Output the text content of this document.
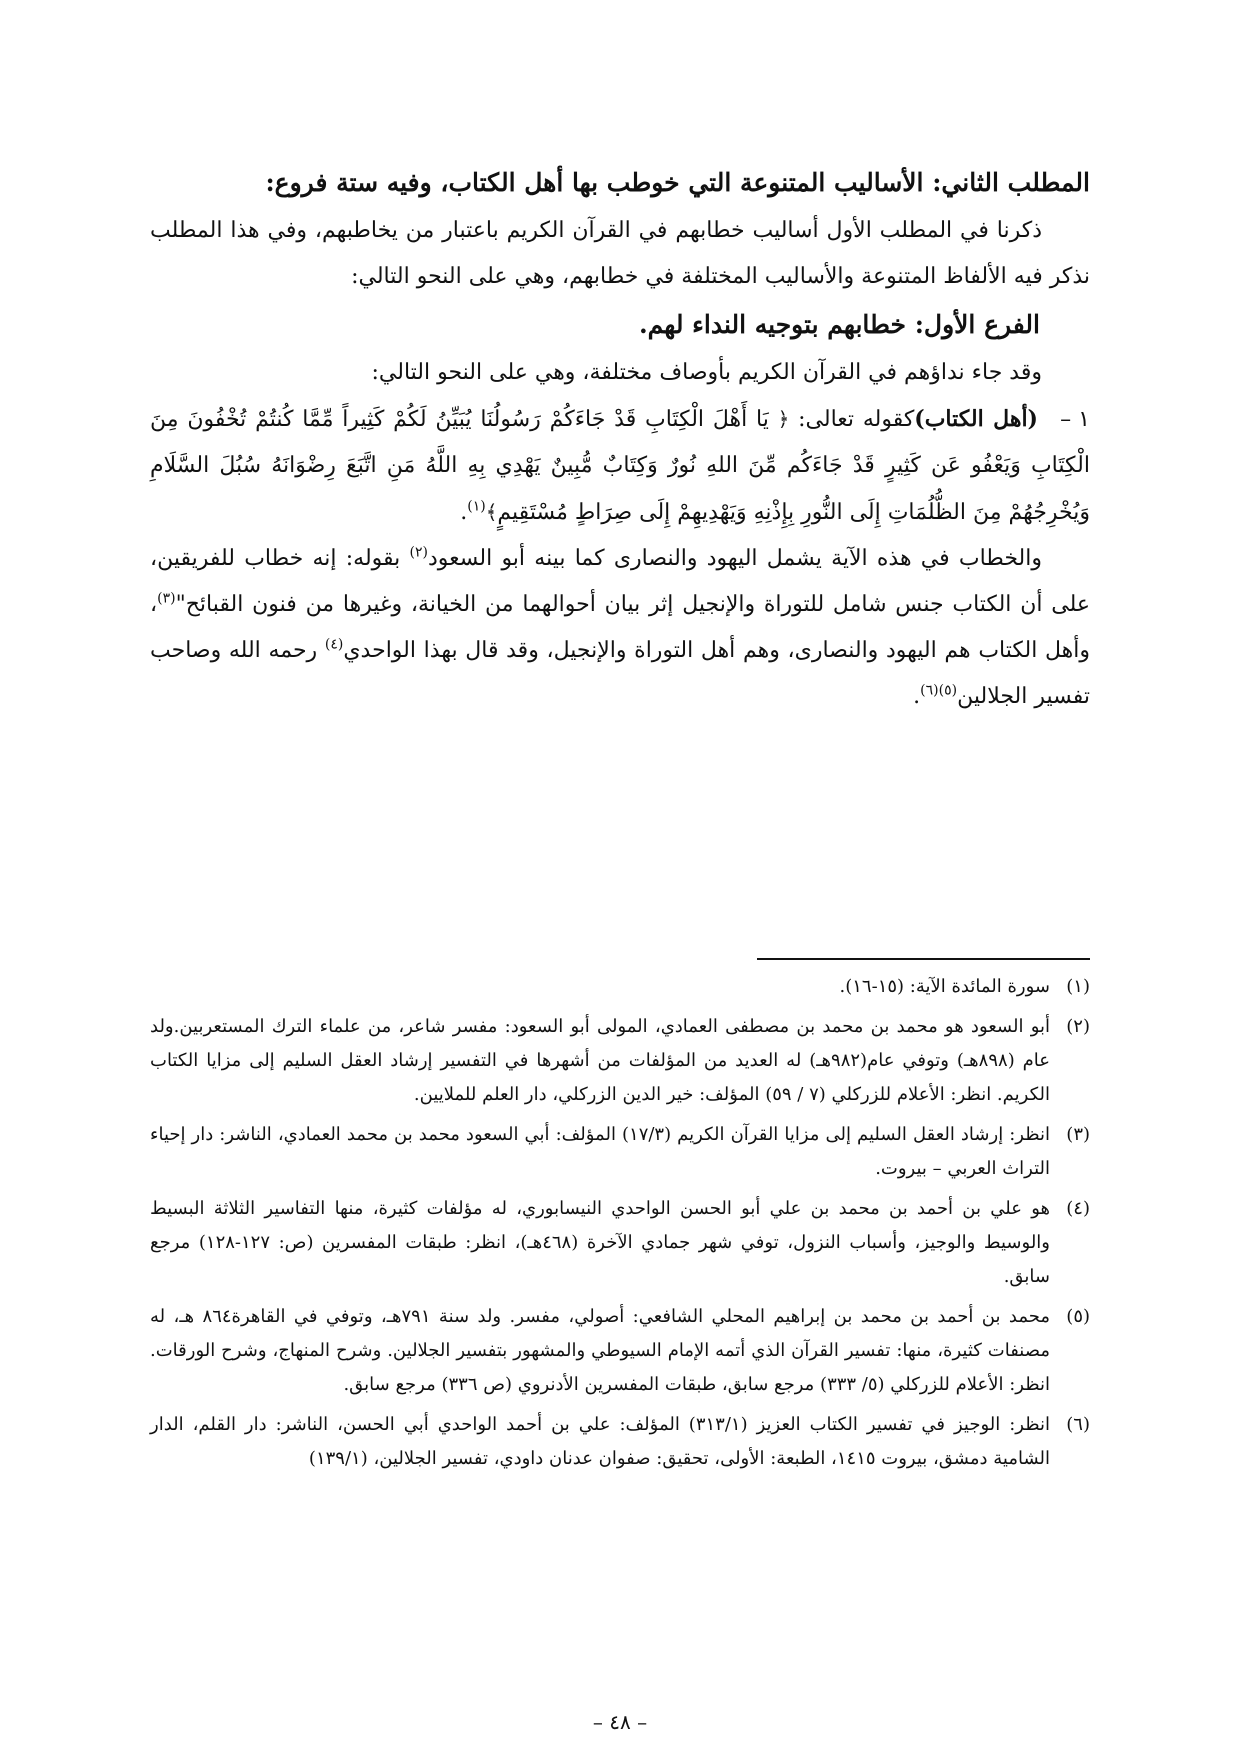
المطلب الثاني: الأساليب المتنوعة التي خوطب بها أهل الكتاب، وفيه ستة فروع:

ذكرنا في المطلب الأول أساليب خطابهم في القرآن الكريم باعتبار من يخاطبهم، وفي هذا المطلب نذكر فيه الألفاظ المتنوعة والأساليب المختلفة في خطابهم، وهي على النحو التالي:

الفرع الأول: خطابهم بتوجيه النداء لهم.

وقد جاء نداؤهم في القرآن الكريم بأوصاف مختلفة، وهي على النحو التالي:

١ –(أهل الكتاب)كقوله تعالى: ﴿ يَا أَهْلَ الْكِتَابِ قَدْ جَاءَكُمْ رَسُولُنَا يُبَيِّنُ لَكُمْ كَثِيراً مِّمَّا كُنتُمْ تُخْفُونَ مِنَ الْكِتَابِ وَيَعْفُو عَن كَثِيرٍ قَدْ جَاءَكُم مِّنَ اللهِ نُورٌ وَكِتَابٌ مُّبِينٌ يَهْدِي بِهِ اللَّهُ مَنِ اتَّبَعَ رِضْوَانَهُ سُبُلَ السَّلَامِ وَيُخْرِجُهُمْ مِنَ الظُّلُمَاتِ إِلَى النُّورِ بِإِذْنِهِ وَيَهْدِيهِمْ إِلَى صِرَاطٍ مُسْتَقِيمٍ﴾$^{(١)}$.

والخطاب في هذه الآية يشمل اليهود والنصارى كما بينه أبو السعود$^{(٢)}$ بقوله: إنه خطاب للفريقين، على أن الكتاب جنس شامل للتوراة والإنجيل إثر بيان أحوالهما من الخيانة، وغيرها من فنون القبائح"$^{(٣)}$، وأهل الكتاب هم اليهود والنصارى، وهم أهل التوراة والإنجيل، وقد قال بهذا الواحدي$^{(٤)}$ رحمه الله وصاحب تفسير الجلالين$^{(٥)(٦)}$.

(١)سورة المائدة الآية: (١٥-١٦).

(٢)أبو السعود هو محمد بن محمد بن مصطفى العمادي، المولى أبو السعود: مفسر شاعر، من علماء الترك المستعربين.ولد عام (٨٩٨هـ) وتوفي عام(٩٨٢هـ) له العديد من المؤلفات من أشهرها في التفسير إرشاد العقل السليم إلى مزايا الكتاب الكريم. انظر: الأعلام للزركلي (٧ / ٥٩) المؤلف: خير الدين الزركلي، دار العلم للملايين.

(٣)انظر: إرشاد العقل السليم إلى مزايا القرآن الكريم (١٧/٣) المؤلف: أبي السعود محمد بن محمد العمادي، الناشر: دار إحياء التراث العربي – بيروت.

(٤)هو علي بن أحمد بن محمد بن علي أبو الحسن الواحدي النيسابوري، له مؤلفات كثيرة، منها التفاسير الثلاثة البسيط والوسيط والوجيز، وأسباب النزول، توفي شهر جمادي الآخرة (٤٦٨هـ)، انظر: طبقات المفسرين (ص: ١٢٧-١٢٨) مرجع سابق.

(٥)محمد بن أحمد بن محمد بن إبراهيم المحلي الشافعي: أصولي، مفسر. ولد سنة ٧٩١هـ، وتوفي في القاهرة٨٦٤ هـ، له مصنفات كثيرة، منها: تفسير القرآن الذي أتمه الإمام السيوطي والمشهور بتفسير الجلالين. وشرح المنهاج، وشرح الورقات. انظر: الأعلام للزركلي (٥/ ٣٣٣) مرجع سابق، طبقات المفسرين الأدنروي (ص ٣٣٦) مرجع سابق.

(٦)انظر: الوجيز في تفسير الكتاب العزيز (٣١٣/١) المؤلف: علي بن أحمد الواحدي أبي الحسن، الناشر: دار القلم، الدار الشامية دمشق، بيروت ١٤١٥، الطبعة: الأولى، تحقيق: صفوان عدنان داودي، تفسير الجلالين، (١٣٩/١)

– ٤٨ –
